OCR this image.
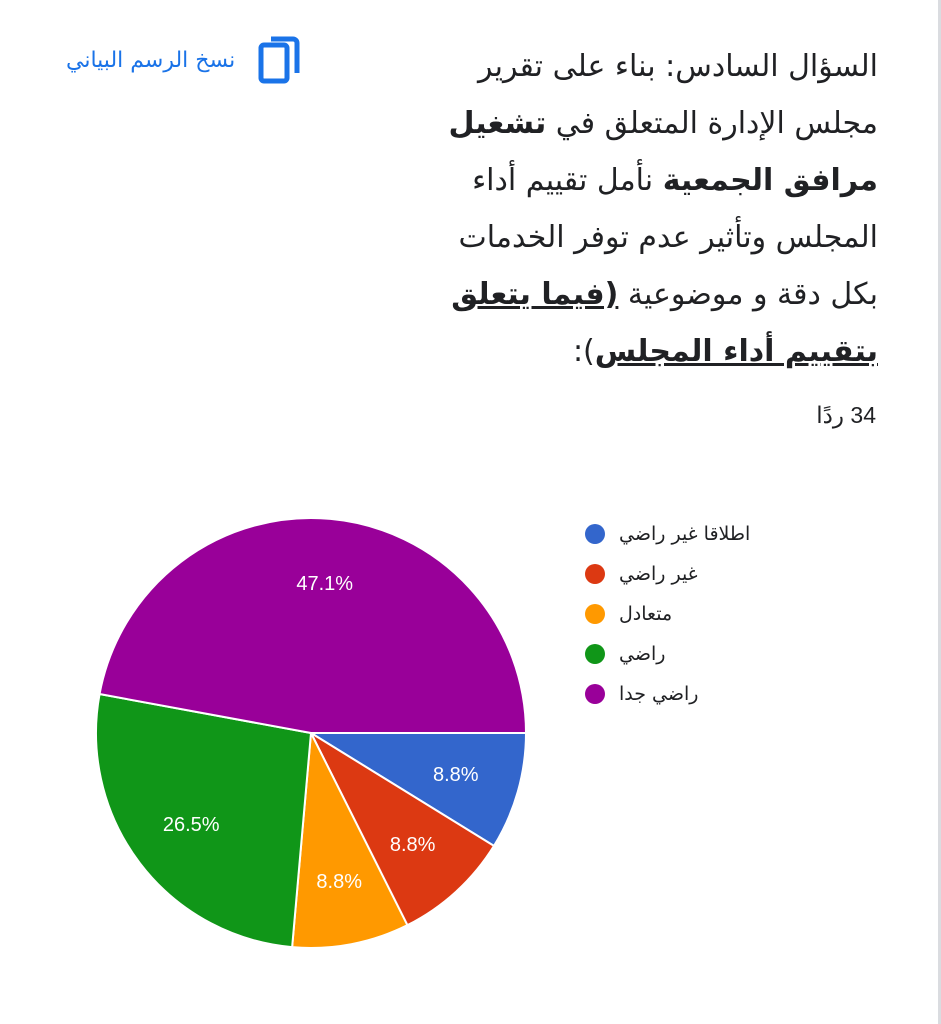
السؤال السادس: بناء على تقرير
مجلس الإدارة المتعلق في تشغيل
مرافق الجمعية نأمل تقييم أداء
المجلس وتأثير عدم توفر الخدمات
بكل دقة و موضوعية (فيما يتعلق
بتقييم أداء المجلس):
34 ردًا
نسخ الرسم البياني
8.8%
8.8%
8.8%
26.5%
47.1%
اطلاقا غير راضي
غير راضي
متعادل
راضي
راضي جدا
